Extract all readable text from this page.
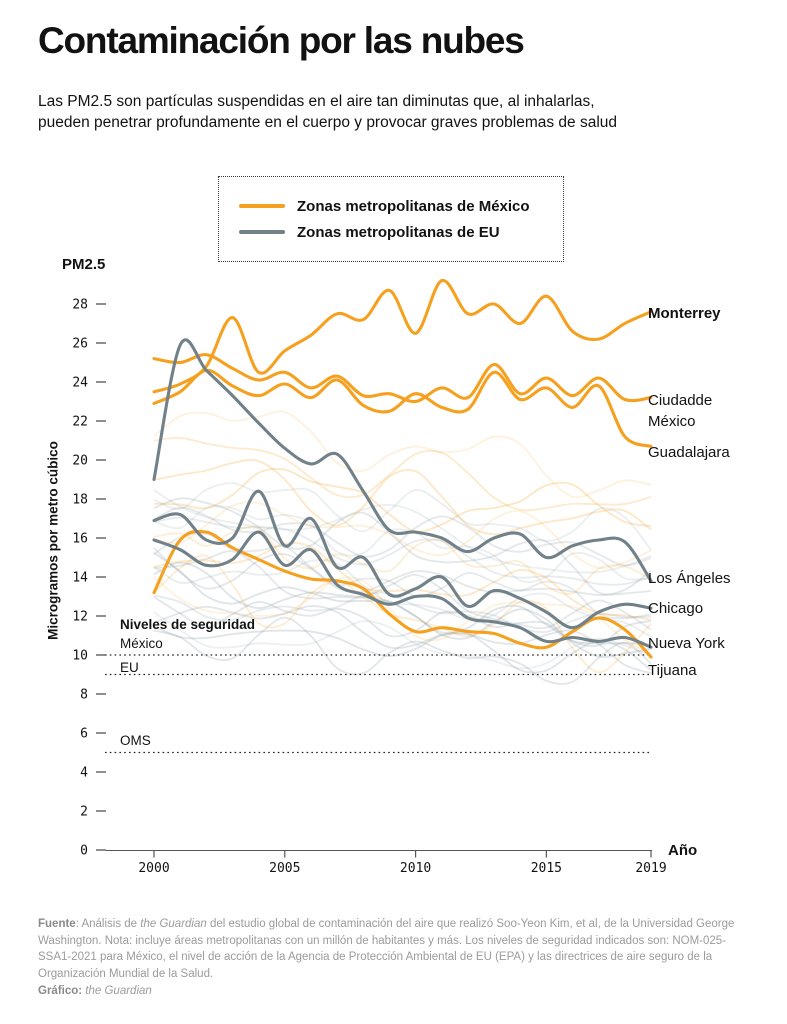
Contaminación por las nubes

Las PM2.5 son partículas suspendidas en el aire tan diminutas que, al inhalarlas, pueden penetrar profundamente en el cuerpo y provocar graves problemas de salud

Zonas metropolitanas de México
Zonas metropolitanas de EU
PM2.5
Microgramos por metro cúbico
0
2
4
6
8
10
12
14
16
18
20
22
24
26
28
2000	2005	2010	2015	2019
Niveles de seguridad
México
EU
OMS
Monterrey
Ciudadde
México
Guadalajara
Tijuana
Los Ángeles
Chicago
Nueva York
Año
Fuente: Análisis de the Guardian del estudio global de contaminación del aire que realizó Soo-Yeon Kim, et al, de la Universidad George Washington. Nota: incluye áreas metropolitanas con un millón de habitantes y más. Los niveles de seguridad indicados son: NOM-025-SSA1-2021 para México, el nivel de acción de la Agencia de Protección Ambiental de EU (EPA) y las directrices de aire seguro de la Organización Mundial de la Salud.
Gráfico: the Guardian
